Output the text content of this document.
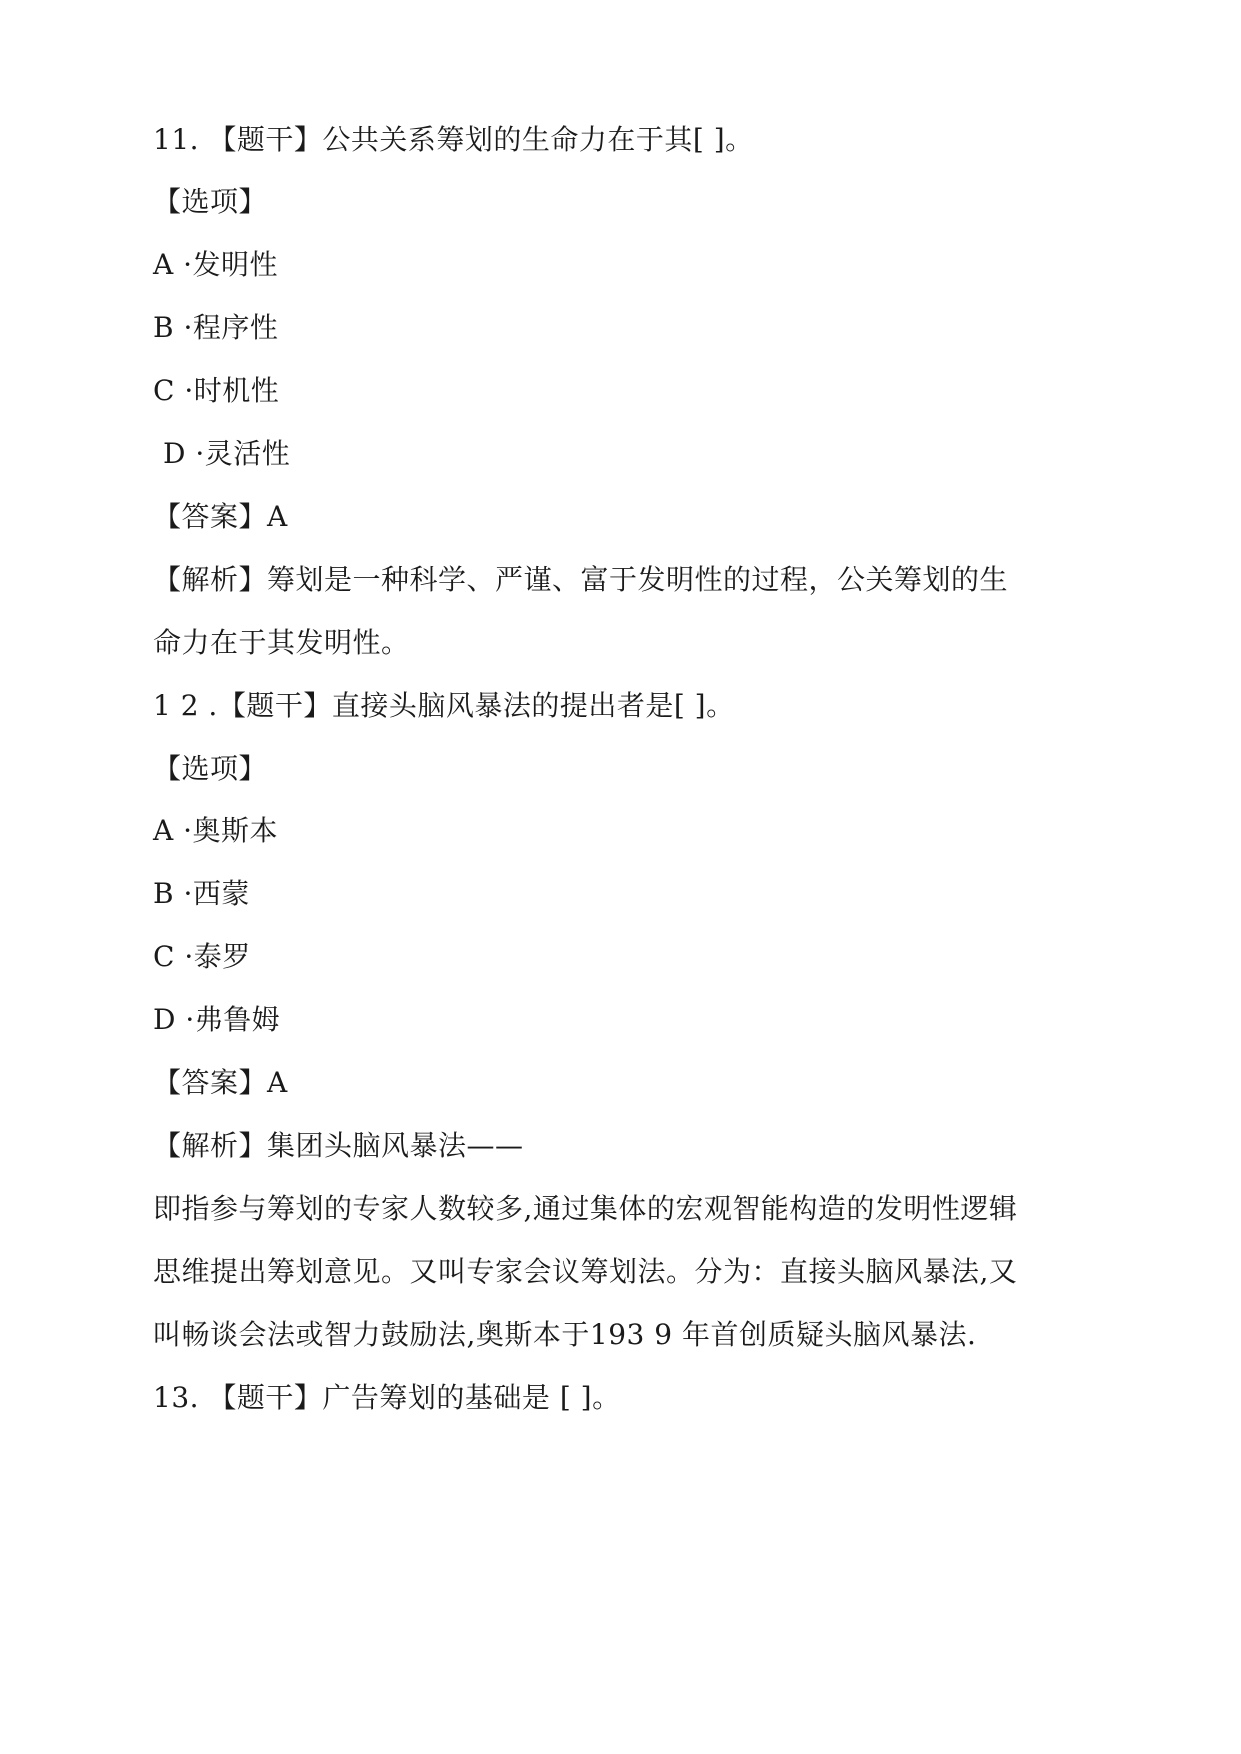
11. 【题干】公共关系筹划的生命力在于其[ ]。
【选项】
A ·发明性
B ·程序性
C ·时机性
D ·灵活性
【答案】A
【解析】筹划是一种科学、严谨、富于发明性的过程，公关筹划的生
命力在于其发明性。
1 2 .【题干】直接头脑风暴法的提出者是[ ]。
【选项】
A ·奥斯本
B ·西蒙
C ·泰罗
D ·弗鲁姆
【答案】A
【解析】集团头脑风暴法——
即指参与筹划的专家人数较多,通过集体的宏观智能构造的发明性逻辑
思维提出筹划意见。又叫专家会议筹划法。分为：直接头脑风暴法,又
叫畅谈会法或智力鼓励法,奥斯本于193 9 年首创质疑头脑风暴法.
13. 【题干】广告筹划的基础是 [ ]。
